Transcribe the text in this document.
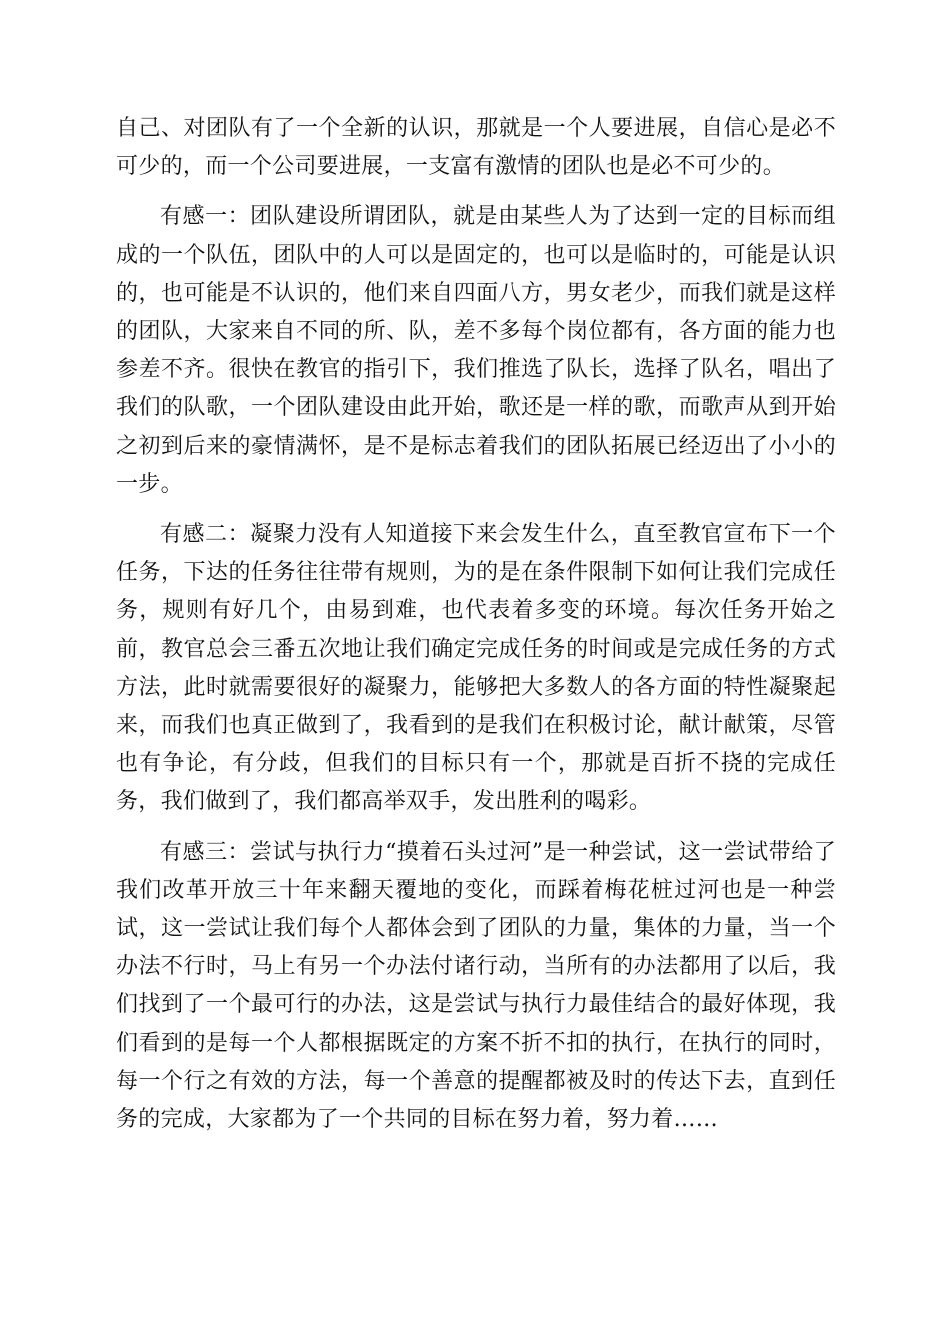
自己、对团队有了一个全新的认识，那就是一个人要进展，自信心是必不可少的，而一个公司要进展，一支富有激情的团队也是必不可少的。

有感一：团队建设所谓团队，就是由某些人为了达到一定的目标而组成的一个队伍，团队中的人可以是固定的，也可以是临时的，可能是认识的，也可能是不认识的，他们来自四面八方，男女老少，而我们就是这样的团队，大家来自不同的所、队，差不多每个岗位都有，各方面的能力也参差不齐。很快在教官的指引下，我们推选了队长，选择了队名，唱出了我们的队歌，一个团队建设由此开始，歌还是一样的歌，而歌声从到开始之初到后来的豪情满怀，是不是标志着我们的团队拓展已经迈出了小小的一步。

有感二：凝聚力没有人知道接下来会发生什么，直至教官宣布下一个任务，下达的任务往往带有规则，为的是在条件限制下如何让我们完成任务，规则有好几个，由易到难，也代表着多变的环境。每次任务开始之前，教官总会三番五次地让我们确定完成任务的时间或是完成任务的方式方法，此时就需要很好的凝聚力，能够把大多数人的各方面的特性凝聚起来，而我们也真正做到了，我看到的是我们在积极讨论，献计献策，尽管也有争论，有分歧，但我们的目标只有一个，那就是百折不挠的完成任务，我们做到了，我们都高举双手，发出胜利的喝彩。

有感三：尝试与执行力“摸着石头过河”是一种尝试，这一尝试带给了我们改革开放三十年来翻天覆地的变化，而踩着梅花桩过河也是一种尝试，这一尝试让我们每个人都体会到了团队的力量，集体的力量，当一个办法不行时，马上有另一个办法付诸行动，当所有的办法都用了以后，我们找到了一个最可行的办法，这是尝试与执行力最佳结合的最好体现，我们看到的是每一个人都根据既定的方案不折不扣的执行，在执行的同时，每一个行之有效的方法，每一个善意的提醒都被及时的传达下去，直到任务的完成，大家都为了一个共同的目标在努力着，努力着……
